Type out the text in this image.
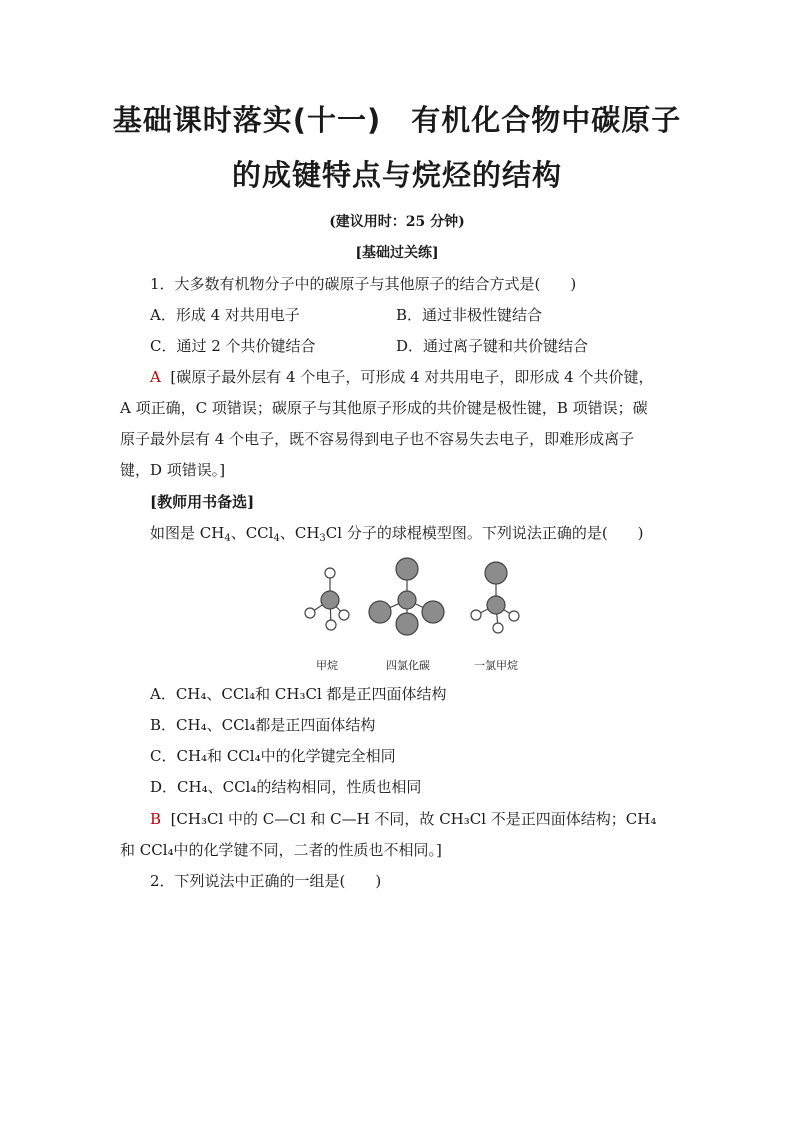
基础课时落实(十一)　有机化合物中碳原子
的成键特点与烷烃的结构
(建议用时：25 分钟)
[基础过关练]
1．大多数有机物分子中的碳原子与其他原子的结合方式是(　　)
A．形成 4 对共用电子	B．通过非极性键结合
C．通过 2 个共价键结合	D．通过离子键和共价键结合
A [碳原子最外层有 4 个电子，可形成 4 对共用电子，即形成 4 个共价键，
A 项正确，C 项错误；碳原子与其他原子形成的共价键是极性键，B 项错误；碳
原子最外层有 4 个电子，既不容易得到电子也不容易失去电子，即难形成离子
键，D 项错误。]
[教师用书备选]
如图是 $CH_4$、CCl$_4$、$CH_3Cl$ 分子的球棍模型图。下列说法正确的是(　　)
甲烷	四氯化碳	一氯甲烷
A．CH₄、CCl₄和 CH₃Cl 都是正四面体结构
B．CH₄、CCl₄都是正四面体结构
C．CH₄和 CCl₄中的化学键完全相同
D．CH₄、CCl₄的结构相同，性质也相同
B [CH₃Cl 中的 C—Cl 和 C—H 不同，故 CH₃Cl 不是正四面体结构；CH₄
和 CCl₄中的化学键不同，二者的性质也不相同。]
2．下列说法中正确的一组是(　　)
